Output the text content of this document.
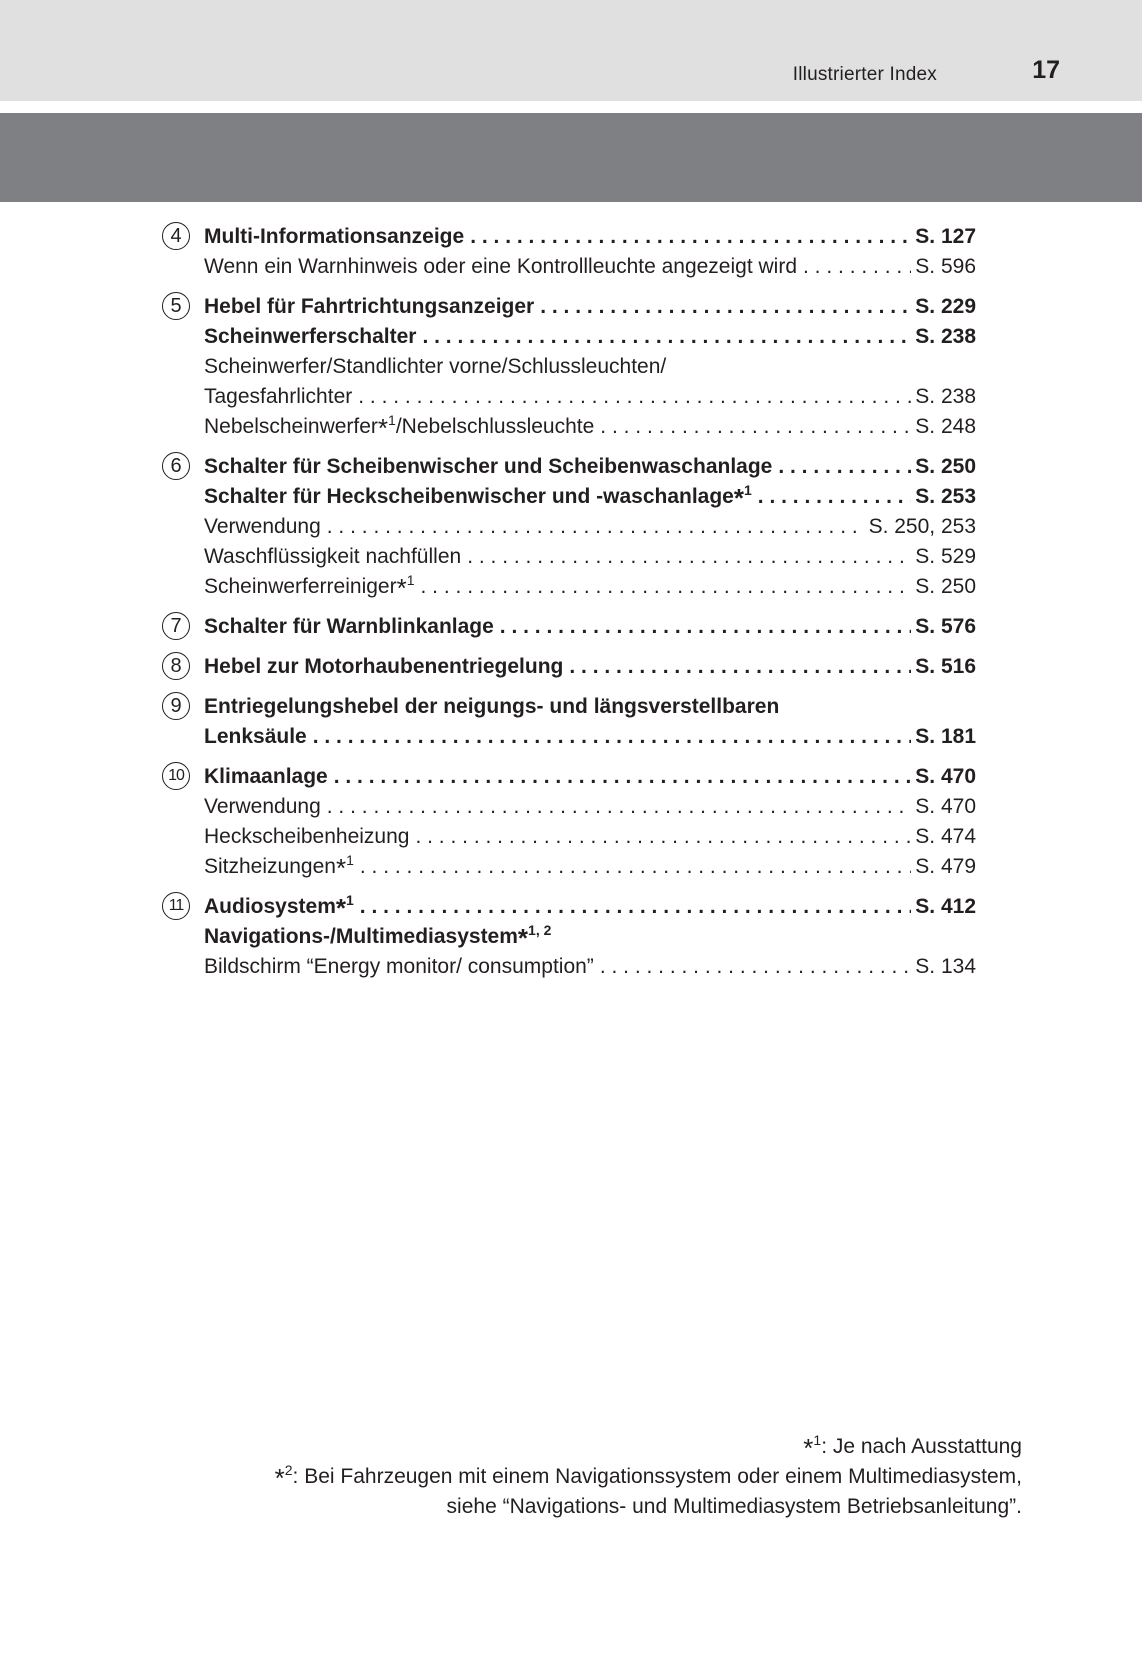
Illustrierter Index	17
4	Multi-Informationsanzeige . . .	S. 127
Wenn ein Warnhinweis oder eine Kontrollleuchte angezeigt wird . . .	S. 596
5	Hebel für Fahrtrichtungsanzeiger . . .	S. 229
Scheinwerferschalter . . .	S. 238
Scheinwerfer/Standlichter vorne/Schlussleuchten/
Tagesfahrlichter . . .	S. 238
Nebelscheinwerfer*$^1$/Nebelschlussleuchte . . .	S. 248
6	Schalter für Scheibenwischer und Scheibenwaschanlage . . .	S. 250
Schalter für Heckscheibenwischer und -waschanlage*$^1$ . . .	S. 253
Verwendung . . .	S. 250, 253
Waschflüssigkeit nachfüllen . . .	S. 529
Scheinwerferreiniger*$^1$ . . .	S. 250
7	Schalter für Warnblinkanlage . . .	S. 576
8	Hebel zur Motorhaubenentriegelung . . .	S. 516
9	Entriegelungshebel der neigungs- und längsverstellbaren
Lenksäule . . .	S. 181
10 Klimaanlage . . .	S. 470
Verwendung . . .	S. 470
Heckscheibenheizung . . .	S. 474
Sitzheizungen*$^1$ . . .	S. 479
11 Audiosystem*$^1$ . . .	S. 412
Navigations-/Multimediasystem*$^{1, 2}$
Bildschirm “Energy monitor/ consumption” . . .	S. 134
*$^1$: Je nach Ausstattung
*$^2$: Bei Fahrzeugen mit einem Navigationssystem oder einem Multimediasystem,
siehe “Navigations- und Multimediasystem Betriebsanleitung”.
